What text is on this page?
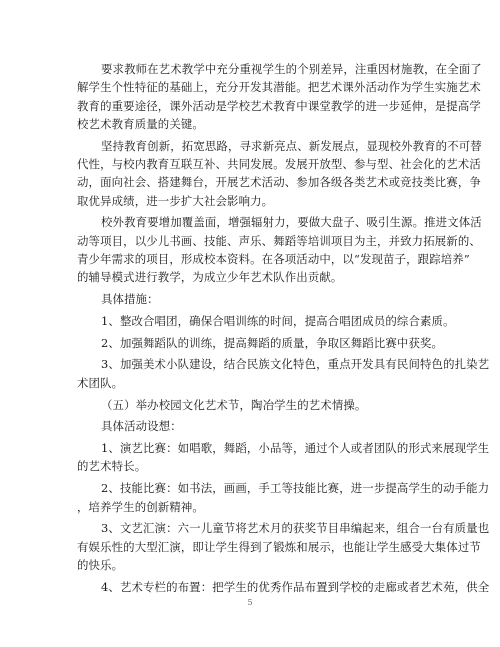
要求教师在艺术教学中充分重视学生的个别差异，注重因材施教，在全面了
解学生个性特征的基础上，充分开发其潜能。把艺术课外活动作为学生实施艺术
教育的重要途径，课外活动是学校艺术教育中课堂教学的进一步延伸，是提高学
校艺术教育质量的关键。
坚持教育创新，拓宽思路，寻求新亮点、新发展点，显现校外教育的不可替
代性，与校内教育互联互补、共同发展。发展开放型、参与型、社会化的艺术活
动，面向社会、搭建舞台，开展艺术活动、参加各级各类艺术或竞技类比赛，争
取优异成绩，进一步扩大社会影响力。
校外教育要增加覆盖面，增强辐射力，要做大盘子、吸引生源。推进文体活
动等项目，以少儿书画、技能、声乐、舞蹈等培训项目为主，并致力拓展新的、
青少年需求的项目，形成校本资料。在各项活动中，以“发现苗子，跟踪培养”
的辅导模式进行教学，为成立少年艺术队作出贡献。
具体措施：
1、整改合唱团，确保合唱训练的时间，提高合唱团成员的综合素质。
2、加强舞蹈队的训练，提高舞蹈的质量，争取区舞蹈比赛中获奖。
3、加强美术小队建设，结合民族文化特色，重点开发具有民间特色的扎染艺
术团队。
（五）举办校园文化艺术节，陶冶学生的艺术情操。
具体活动设想：
1、演艺比赛：如唱歌，舞蹈，小品等，通过个人或者团队的形式来展现学生
的艺术特长。
2、技能比赛：如书法，画画，手工等技能比赛，进一步提高学生的动手能力
，培养学生的创新精神。
3、文艺汇演：六一儿童节将艺术月的获奖节目串编起来，组合一台有质量也
有娱乐性的大型汇演，即让学生得到了锻炼和展示，也能让学生感受大集体过节
的快乐。
4、艺术专栏的布置：把学生的优秀作品布置到学校的走廊或者艺术苑，供全
5
